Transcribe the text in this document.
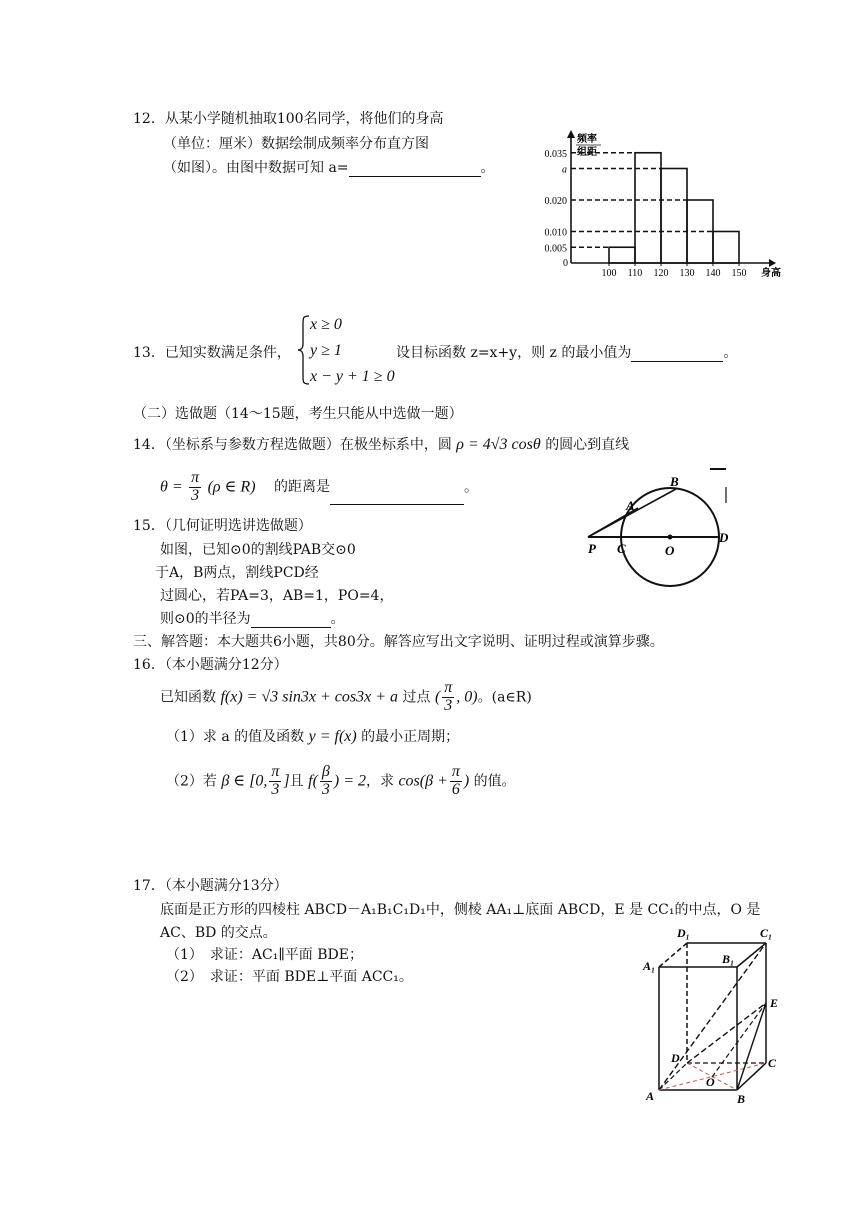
12．从某小学随机抽取100名同学，将他们的身高
（单位：厘米）数据绘制成频率分布直方图
（如图）。由图中数据可知 a=	。
频率
组距
0.035
a
0.020
0.010
0.005
0
100 110 120 130 140 150 身高
13．已知实数满足条件，
x ≥ 0
y ≥ 1
x − y + 1 ≥ 0
设目标函数 z=x+y，则 z 的最小值为	。
（二）选做题（14～15题，考生只能从中选做一题）
14．（坐标系与参数方程选做题）在极坐标系中，圆 ρ = 4√3 cosθ 的圆心到直线
$\theta = \frac{\pi}{3} (\rho$ ∈ R) 的距离是	。
15．（几何证明选讲选做题）
如图，已知⊙0的割线PAB交⊙0
于A，B两点，割线PCD经
过圆心，若PA=3，AB=1，PO=4，
则⊙0的半径为	。
A
B
P C	O
D
三、解答题：本大题共6小题，共80分。解答应写出文字说明、证明过程或演算步骤。
16．（本小题满分12分）
已知函数 f(x) = √3 sin3x + cos3x + a 过点 ( $\frac{\pi}{3}$ , 0)。(a∈R)
（1）求 a 的值及函数 y = f(x) 的最小正周期；
（2）若 β ∈ [0, $\frac{\pi}{3}$ ]且 $f( \frac{\beta}{3}$ ) = 2，求 $\cos(\beta + \frac{\pi}{6}$ ) 的值。
17．（本小题满分13分）
底面是正方形的四棱柱 ABCD－A₁B₁C₁D₁中，侧棱 AA₁⊥底面 ABCD，E 是 CC₁的中点，O 是
AC、BD 的交点。
（1）　求证：AC₁∥平面 BDE；
（2）　求证：平面 BDE⊥平面 ACC₁。
A₁
D₁	C₁
B₁
E
D	C
O
A	B
